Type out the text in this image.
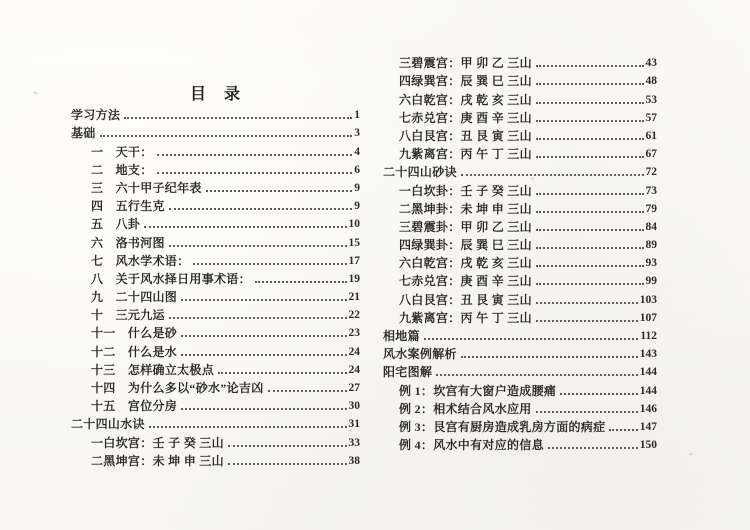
目　录
学习方法	1
基础	3
一　天干：	4
二　地支：	6
三　六十甲子纪年表	9
四　五行生克	9
五　八卦	10
六　洛书河图	15
七　风水学术语：	17
八　关于风水择日用事术语：	19
九　二十四山图	21
十　三元九运	22
十一　什么是砂	23
十二　什么是水	24
十三　怎样确立太极点	24
十四　为什么多以“砂水”论吉凶	27
十五　宫位分房	30
二十四山水诀	31
一白坎宫：壬 子 癸 三山	33
二黑坤宫：未 坤 申 三山	38
三碧震宫：甲 卯 乙 三山	43
四绿巽宫：辰 巽 巳 三山	48
六白乾宫：戌 乾 亥 三山	53
七赤兑宫：庚 酉 辛 三山	57
八白艮宫：丑 艮 寅 三山	61
九紫离宫：丙 午 丁 三山	67
二十四山砂诀	72
一白坎卦：壬 子 癸 三山	73
二黑坤卦：未 坤 申 三山	79
三碧震卦：甲 卯 乙 三山	84
四绿巽卦：辰 巽 巳 三山	89
六白乾宫：戌 乾 亥 三山	93
七赤兑宫：庚 酉 辛 三山	99
八白艮宫：丑 艮 寅 三山	103
九紫离宫：丙 午 丁 三山	107
相地篇	112
风水案例解析	143
阳宅图解	144
例 1：坎宫有大窗户造成腰痛	144
例 2：相术结合风水应用	146
例 3：艮宫有厨房造成乳房方面的病症	147
例 4：风水中有对应的信息	150
